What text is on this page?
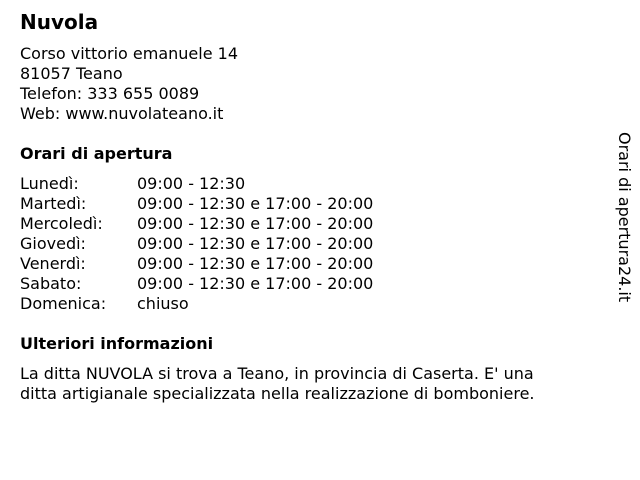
Nuvola
Corso vittorio emanuele 14
81057 Teano
Telefon: 333 655 0089
Web: www.nuvolateano.it
Orari di apertura
Lunedì:	09:00 - 12:30
Martedì:	09:00 - 12:30 e 17:00 - 20:00
Mercoledì:	09:00 - 12:30 e 17:00 - 20:00
Giovedì:	09:00 - 12:30 e 17:00 - 20:00
Venerdì:	09:00 - 12:30 e 17:00 - 20:00
Sabato:	09:00 - 12:30 e 17:00 - 20:00
Domenica:	chiuso
Ulteriori informazioni
La ditta NUVOLA si trova a Teano, in provincia di Caserta. E' una
ditta artigianale specializzata nella realizzazione di bomboniere.
Orari di apertura24.it
